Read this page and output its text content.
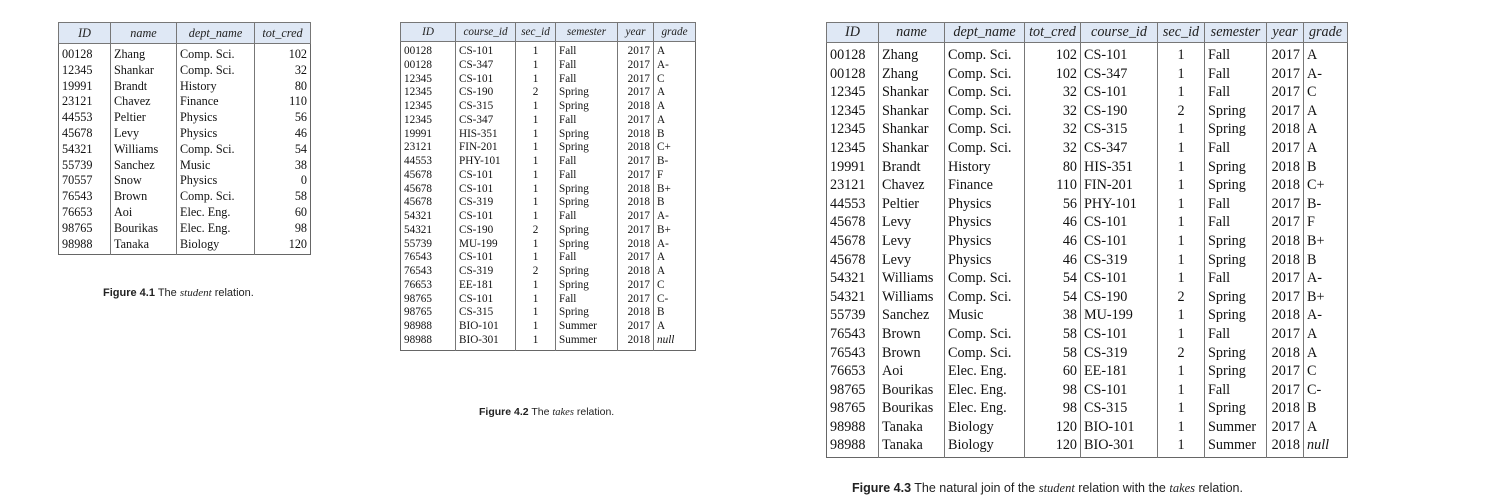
ID	name	dept_name	tot_cred
00128	Zhang	Comp. Sci.	102
12345	Shankar	Comp. Sci.	32
19991	Brandt	History	80
23121	Chavez	Finance	110
44553	Peltier	Physics	56
45678	Levy	Physics	46
54321	Williams	Comp. Sci.	54
55739	Sanchez	Music	38
70557	Snow	Physics	0
76543	Brown	Comp. Sci.	58
76653	Aoi	Elec. Eng.	60
98765	Bourikas	Elec. Eng.	98
98988	Tanaka	Biology	120
Figure 4.1 The student relation.
ID	course_id	sec_id	semester	year	grade
00128	CS-101	1	Fall	2017	A
00128	CS-347	1	Fall	2017	A-
12345	CS-101	1	Fall	2017	C
12345	CS-190	2	Spring	2017	A
12345	CS-315	1	Spring	2018	A
12345	CS-347	1	Fall	2017	A
19991	HIS-351	1	Spring	2018	B
23121	FIN-201	1	Spring	2018	C+
44553	PHY-101	1	Fall	2017	B-
45678	CS-101	1	Fall	2017	F
45678	CS-101	1	Spring	2018	B+
45678	CS-319	1	Spring	2018	B
54321	CS-101	1	Fall	2017	A-
54321	CS-190	2	Spring	2017	B+
55739	MU-199	1	Spring	2018	A-
76543	CS-101	1	Fall	2017	A
76543	CS-319	2	Spring	2018	A
76653	EE-181	1	Spring	2017	C
98765	CS-101	1	Fall	2017	C-
98765	CS-315	1	Spring	2018	B
98988	BIO-101	1	Summer	2017	A
98988	BIO-301	1	Summer	2018	null
Figure 4.2 The takes relation.
ID	name	dept_name	tot_cred	course_id	sec_id	semester	year	grade
00128	Zhang	Comp. Sci.	102	CS-101	1	Fall	2017	A
00128	Zhang	Comp. Sci.	102	CS-347	1	Fall	2017	A-
12345	Shankar	Comp. Sci.	32	CS-101	1	Fall	2017	C
12345	Shankar	Comp. Sci.	32	CS-190	2	Spring	2017	A
12345	Shankar	Comp. Sci.	32	CS-315	1	Spring	2018	A
12345	Shankar	Comp. Sci.	32	CS-347	1	Fall	2017	A
19991	Brandt	History	80	HIS-351	1	Spring	2018	B
23121	Chavez	Finance	110	FIN-201	1	Spring	2018	C+
44553	Peltier	Physics	56	PHY-101	1	Fall	2017	B-
45678	Levy	Physics	46	CS-101	1	Fall	2017	F
45678	Levy	Physics	46	CS-101	1	Spring	2018	B+
45678	Levy	Physics	46	CS-319	1	Spring	2018	B
54321	Williams	Comp. Sci.	54	CS-101	1	Fall	2017	A-
54321	Williams	Comp. Sci.	54	CS-190	2	Spring	2017	B+
55739	Sanchez	Music	38	MU-199	1	Spring	2018	A-
76543	Brown	Comp. Sci.	58	CS-101	1	Fall	2017	A
76543	Brown	Comp. Sci.	58	CS-319	2	Spring	2018	A
76653	Aoi	Elec. Eng.	60	EE-181	1	Spring	2017	C
98765	Bourikas	Elec. Eng.	98	CS-101	1	Fall	2017	C-
98765	Bourikas	Elec. Eng.	98	CS-315	1	Spring	2018	B
98988	Tanaka	Biology	120	BIO-101	1	Summer	2017	A
98988	Tanaka	Biology	120	BIO-301	1	Summer	2018	null
Figure 4.3 The natural join of the student relation with the takes relation.
